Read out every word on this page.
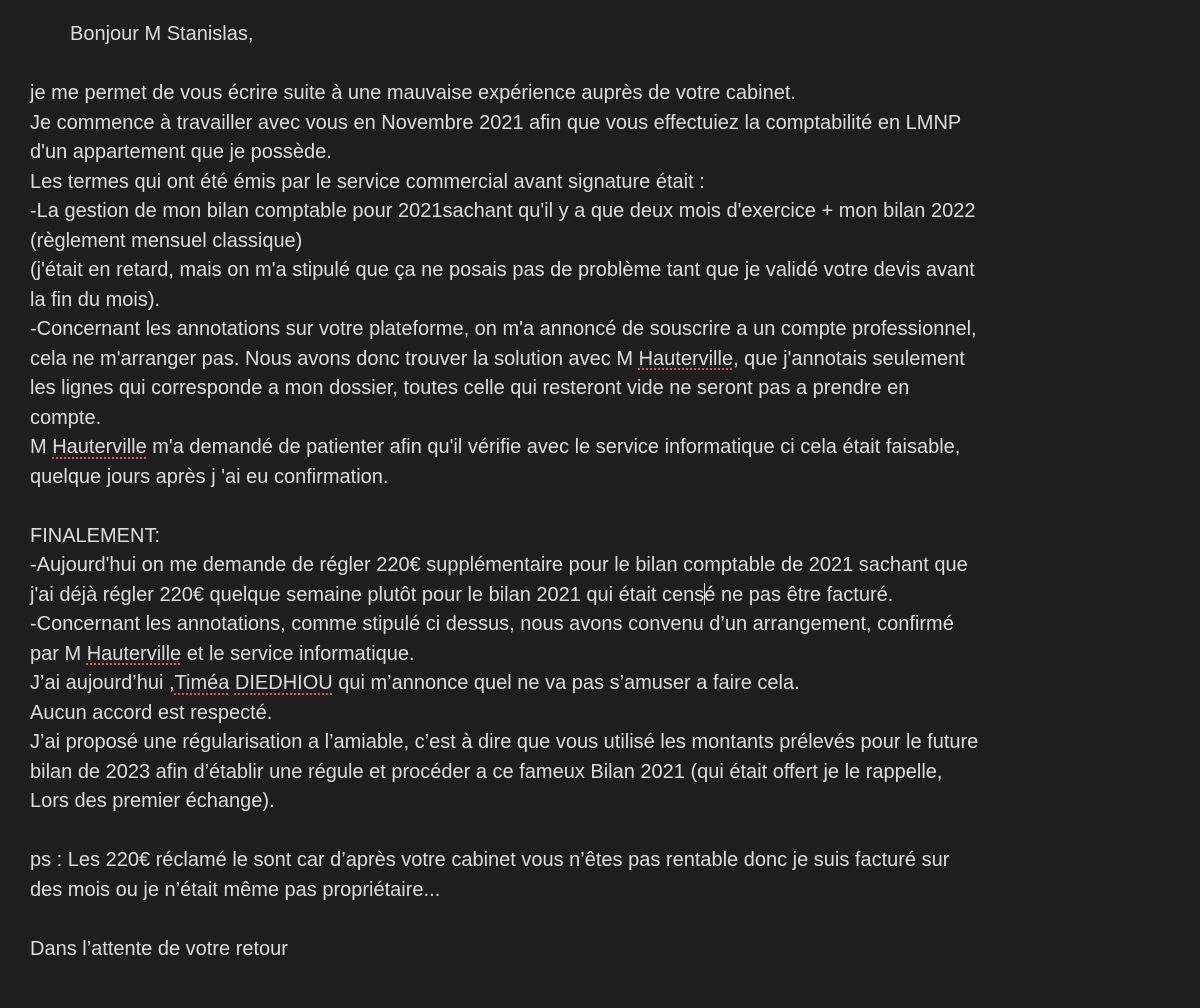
Bonjour M Stanislas,
je me permet de vous écrire suite à une mauvaise expérience auprès de votre cabinet.
Je commence à travailler avec vous en Novembre 2021 afin que vous effectuiez la comptabilité en LMNP
d'un appartement que je possède.
Les termes qui ont été émis par le service commercial avant signature était :
-La gestion de mon bilan comptable pour 2021sachant qu'il y a que deux mois d'exercice + mon bilan 2022
(règlement mensuel classique)
(j'était en retard, mais on m'a stipulé que ça ne posais pas de problème tant que je validé votre devis avant
la fin du mois).
-Concernant les annotations sur votre plateforme, on m'a annoncé de souscrire a un compte professionnel,
cela ne m'arranger pas. Nous avons donc trouver la solution avec M Hauterville, que j'annotais seulement
les lignes qui corresponde a mon dossier, toutes celle qui resteront vide ne seront pas a prendre en
compte.
M Hauterville m'a demandé de patienter afin qu'il vérifie avec le service informatique ci cela était faisable,
quelque jours après j 'ai eu confirmation.
FINALEMENT:
-Aujourd'hui on me demande de régler 220€ supplémentaire pour le bilan comptable de 2021 sachant que
j'ai déjà régler 220€ quelque semaine plutôt pour le bilan 2021 qui était censé ne pas être facturé.
-Concernant les annotations, comme stipulé ci dessus, nous avons convenu d’un arrangement, confirmé
par M Hauterville et le service informatique.
J’ai aujourd’hui ,Timéa DIEDHIOU qui m’annonce quel ne va pas s’amuser a faire cela.
Aucun accord est respecté.
J’ai proposé une régularisation a l’amiable, c’est à dire que vous utilisé les montants prélevés pour le future
bilan de 2023 afin d’établir une régule et procéder a ce fameux Bilan 2021 (qui était offert je le rappelle,
Lors des premier échange).
ps : Les 220€ réclamé le sont car d’après votre cabinet vous n’êtes pas rentable donc je suis facturé sur
des mois ou je n’était même pas propriétaire...
Dans l’attente de votre retour
